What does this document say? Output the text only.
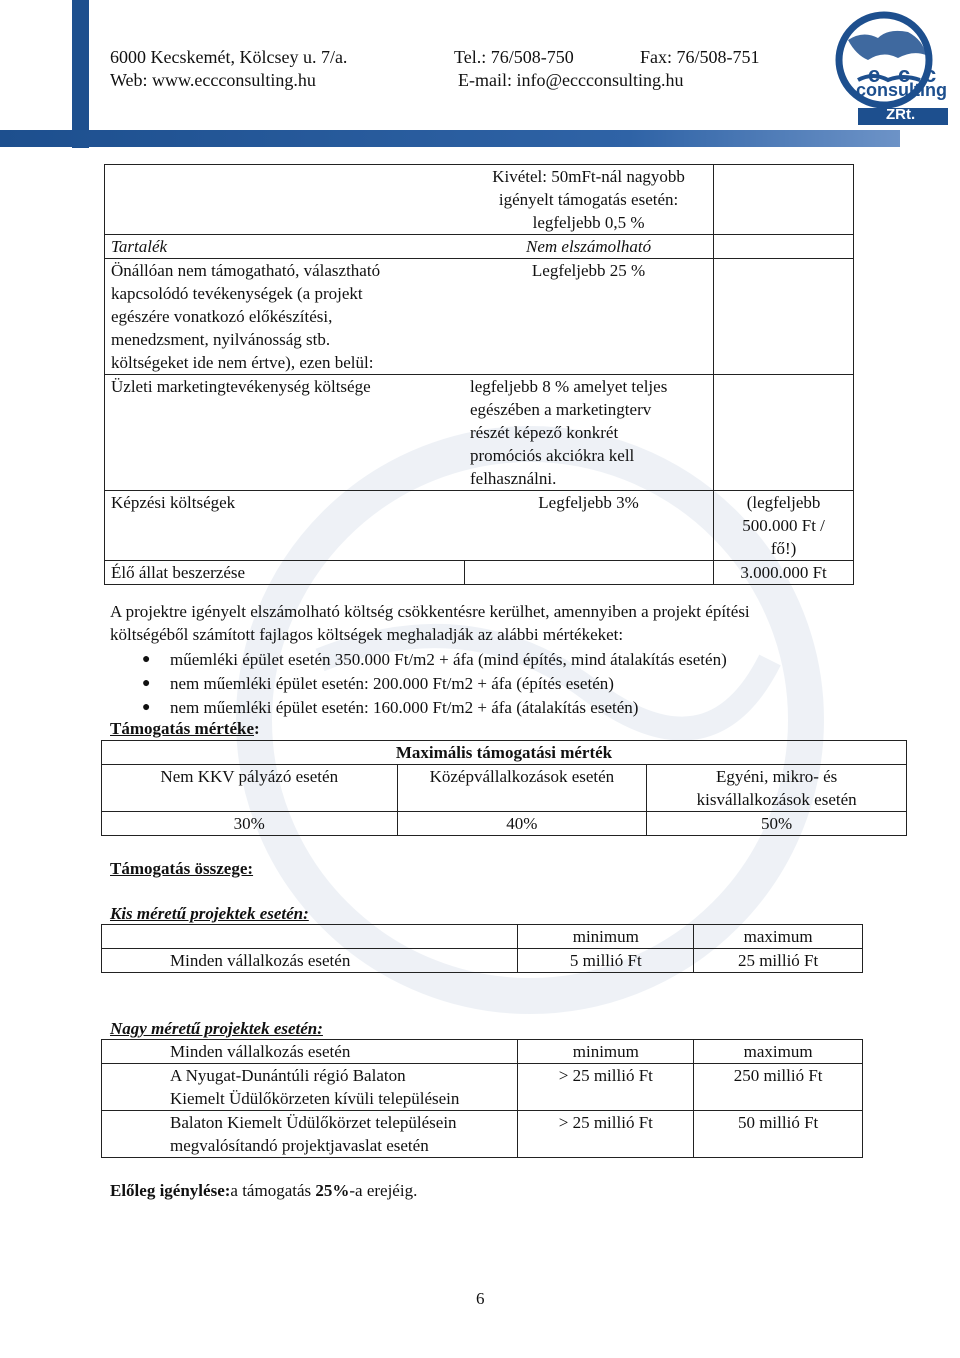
6000 Kecskemét, Kölcsey u. 7/a.	Tel.: 76/508-750	Fax: 76/508-751
Web: www.eccconsulting.hu	E-mail: info@eccconsulting.hu	e c c
consulting
ZRt.

	Kivétel: 50mFt-nál nagyobb
igényelt támogatás esetén:
legfeljebb 0,5 %	

Tartalék	Nem elszámolható	

Önállóan nem támogatható, választható
kapcsolódó tevékenységek (a projekt
egészére vonatkozó előkészítési,
menedzsment, nyilvánosság stb.
költségeket ide nem értve), ezen belül:	Legfeljebb 25 %	
Üzleti marketingtevékenység költsége	legfeljebb 8 % amelyet teljes
egészében a marketingterv
részét képező konkrét
promóciós akciókra kell
felhasználni.	

Képzési költségek	Legfeljebb 3%	(legfeljebb
500.000 Ft /
fő!)

Élő állat beszerzése		3.000.000 Ft
A projektre igényelt elszámolható költség csökkentésre kerülhet, amennyiben a projekt építési
költségéből számított fajlagos költségek meghaladják az alábbi mértékeket:
● műemléki épület esetén 350.000 Ft/m2 + áfa (mind építés, mind átalakítás esetén)
● nem műemléki épület esetén: 200.000 Ft/m2 + áfa (építés esetén)
● nem műemléki épület esetén: 160.000 Ft/m2 + áfa (átalakítás esetén)
Támogatás mértéke:
Maximális támogatási mérték		
Nem KKV pályázó esetén	Középvállalkozások esetén	Egyéni, mikro- és
kisvállalkozások esetén

30%	40%	50%
Támogatás összege:
Kis méretű projektek esetén:
	minimum	maximum
Minden vállalkozás esetén	5 millió Ft	25 millió Ft
Nagy méretű projektek esetén:
Minden vállalkozás esetén	minimum	maximum

A Nyugat-Dunántúli régió Balaton
Kiemelt Üdülőkörzeten kívüli településein	> 25 millió Ft	250 millió Ft

Balaton Kiemelt Üdülőkörzet településein
megvalósítandó projektjavaslat esetén	> 25 millió Ft	50 millió Ft
Előleg igénylése:a támogatás 25%-a erejéig.
6
